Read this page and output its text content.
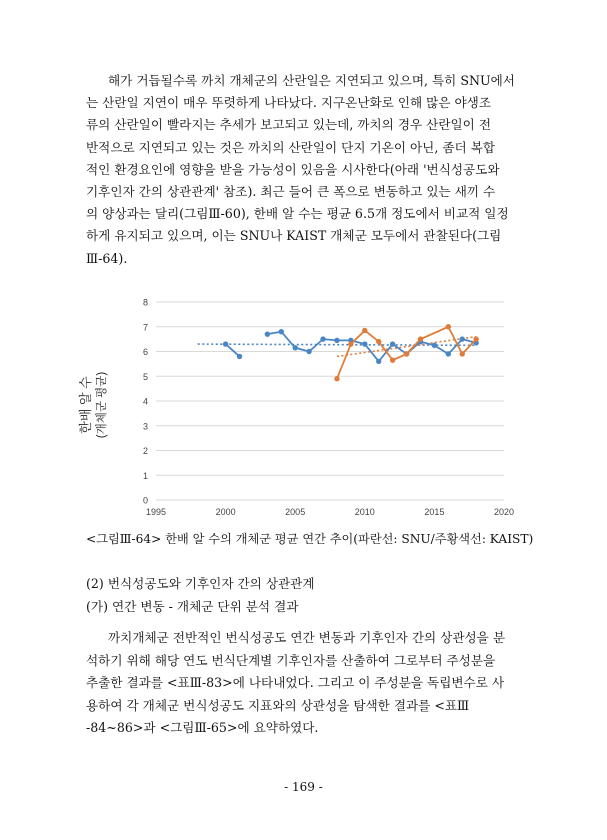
해가 거듭될수록 까치 개체군의 산란일은 지연되고 있으며, 특히 SNU에서
는 산란일 지연이 매우 뚜렷하게 나타났다. 지구온난화로 인해 많은 야생조
류의 산란일이 빨라지는 추세가 보고되고 있는데, 까치의 경우 산란일이 전
반적으로 지연되고 있는 것은 까치의 산란일이 단지 기온이 아닌, 좀더 복합
적인 환경요인에 영향을 받을 가능성이 있음을 시사한다(아래 '번식성공도와
기후인자 간의 상관관계' 참조). 최근 들어 큰 폭으로 변동하고 있는 새끼 수
의 양상과는 달리(그림Ⅲ-60), 한배 알 수는 평균 6.5개 정도에서 비교적 일정
하게 유지되고 있으며, 이는 SNU나 KAIST 개체군 모두에서 관찰된다(그림
Ⅲ-64).
0
1
2
3
4
5
6
7
8
1995	2000	2005	2010	2015	2020
한배 알 수 (개체군 평균)
<그림Ⅲ-64> 한배 알 수의 개체군 평균 연간 추이(파란선: SNU/주황색선: KAIST)
(2) 번식성공도와 기후인자 간의 상관관계
(가) 연간 변동 - 개체군 단위 분석 결과
까치개체군 전반적인 번식성공도 연간 변동과 기후인자 간의 상관성을 분
석하기 위해 해당 연도 번식단계별 기후인자를 산출하여 그로부터 주성분을
추출한 결과를 <표Ⅲ-83>에 나타내었다. 그리고 이 주성분을 독립변수로 사
용하여 각 개체군 번식성공도 지표와의 상관성을 탐색한 결과를 <표Ⅲ
-84~86>과 <그림Ⅲ-65>에 요약하였다.
- 169 -
